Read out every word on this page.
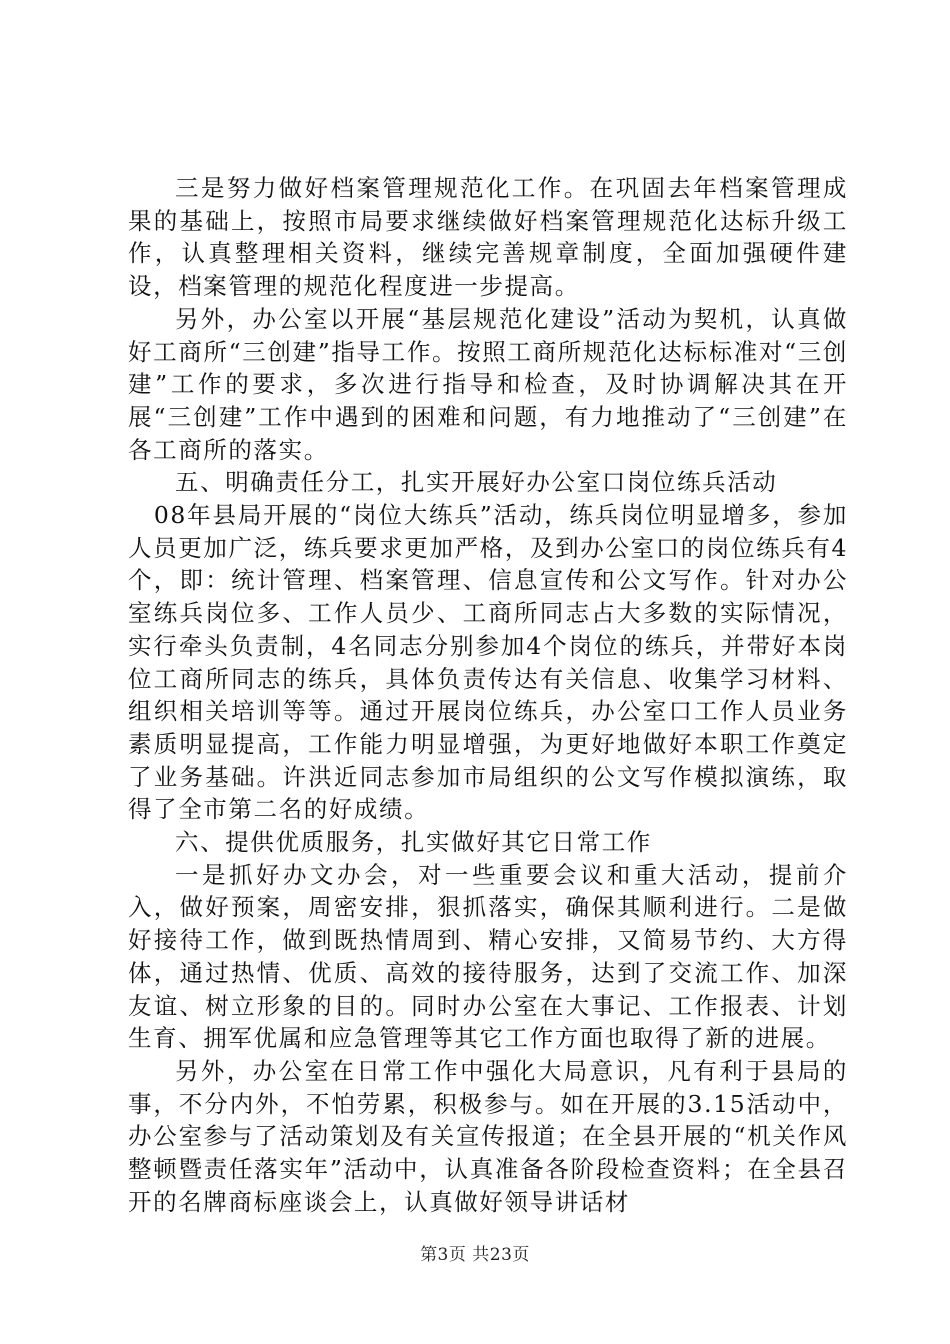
三是努力做好档案管理规范化工作。在巩固去年档案管理成果的基础上，按照市局要求继续做好档案管理规范化达标升级工作，认真整理相关资料，继续完善规章制度，全面加强硬件建设，档案管理的规范化程度进一步提高。

另外，办公室以开展“基层规范化建设”活动为契机，认真做好工商所“三创建”指导工作。按照工商所规范化达标标准对“三创建”工作的要求，多次进行指导和检查，及时协调解决其在开展“三创建”工作中遇到的困难和问题，有力地推动了“三创建”在各工商所的落实。

五、明确责任分工，扎实开展好办公室口岗位练兵活动

08年县局开展的“岗位大练兵”活动，练兵岗位明显增多，参加人员更加广泛，练兵要求更加严格，及到办公室口的岗位练兵有4个，即：统计管理、档案管理、信息宣传和公文写作。针对办公室练兵岗位多、工作人员少、工商所同志占大多数的实际情况，实行牵头负责制，4名同志分别参加4个岗位的练兵，并带好本岗位工商所同志的练兵，具体负责传达有关信息、收集学习材料、组织相关培训等等。通过开展岗位练兵，办公室口工作人员业务素质明显提高，工作能力明显增强，为更好地做好本职工作奠定了业务基础。许洪近同志参加市局组织的公文写作模拟演练，取得了全市第二名的好成绩。

六、提供优质服务，扎实做好其它日常工作

一是抓好办文办会，对一些重要会议和重大活动，提前介入，做好预案，周密安排，狠抓落实，确保其顺利进行。二是做好接待工作，做到既热情周到、精心安排，又简易节约、大方得体，通过热情、优质、高效的接待服务，达到了交流工作、加深友谊、树立形象的目的。同时办公室在大事记、工作报表、计划生育、拥军优属和应急管理等其它工作方面也取得了新的进展。

另外，办公室在日常工作中强化大局意识，凡有利于县局的事，不分内外，不怕劳累，积极参与。如在开展的3.15活动中，办公室参与了活动策划及有关宣传报道；在全县开展的“机关作风整顿暨责任落实年”活动中，认真准备各阶段检查资料；在全县召开的名牌商标座谈会上，认真做好领导讲话材

第3页 共23页
